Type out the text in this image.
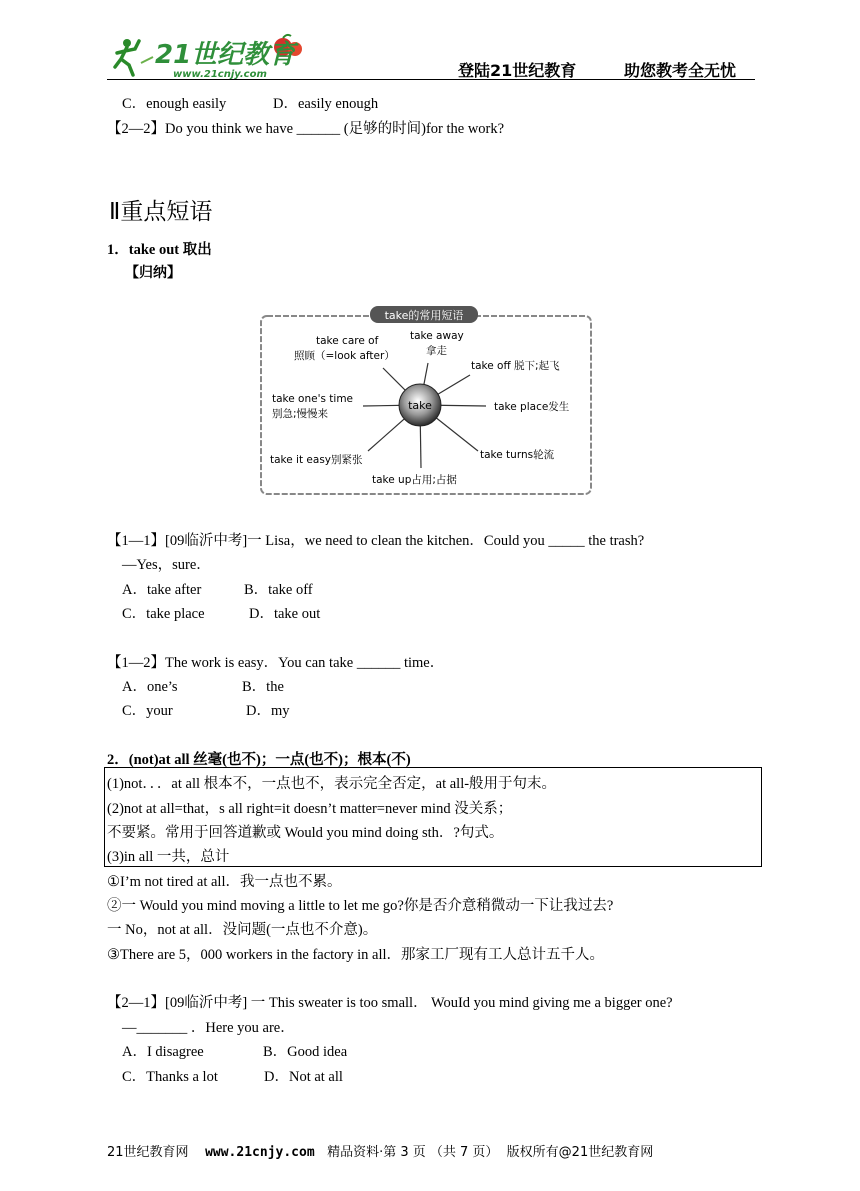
21世纪教育
www.21cnjy.com	登陆21世纪教育	助您教考全无忧
C．enough easily	D．easily enough
【2—2】Do you think we have ______ (足够的时间)for the work?
Ⅱ重点短语
1．take out 取出
【归纳】
take的常用短语
take
take care of
照顾（=look after）
take away
拿走
take off 脱下;起飞
take one's time
别急;慢慢来
take place发生
take it easy别紧张	take turns轮流
take up占用;占据
【1—1】[09临沂中考]一 Lisa，we need to clean the kitchen．Could you _____ the trash?
—Yes，sure．
A．take after	B．take off
C．take place	D．take out
【1—2】The work is easy．You can take ______ time．
A．one’s	B．the
C．your	D．my
2．(not)at all 丝毫(也不)；一点(也不)；根本(不)
(1)not．．．at all 根本不，一点也不，表示完全否定，at all-般用于句末。
(2)not at all=that，s all right=it doesn’t matter=never mind 没关系；
不要紧。常用于回答道歉或 Would you mind doing sth．?句式。
(3)in all 一共，总计
①I’m not tired at all．我一点也不累。
②一 Would you mind moving a little to let me go?你是否介意稍微动一下让我过去?
一 No，not at all．没问题(一点也不介意)。
③There are 5，000 workers in the factory in all．那家工厂现有工人总计五千人。
【2—1】[09临沂中考] 一 This sweater is too small． WouId you mind giving me a bigger one?
—_______ ．Here you are．
A．I disagree	B．Good idea
C．Thanks a lot	D．Not at all
21世纪教育网 www.21cnjy.com 精品资料·第 3 页 （共 7 页） 版权所有@21世纪教育网
